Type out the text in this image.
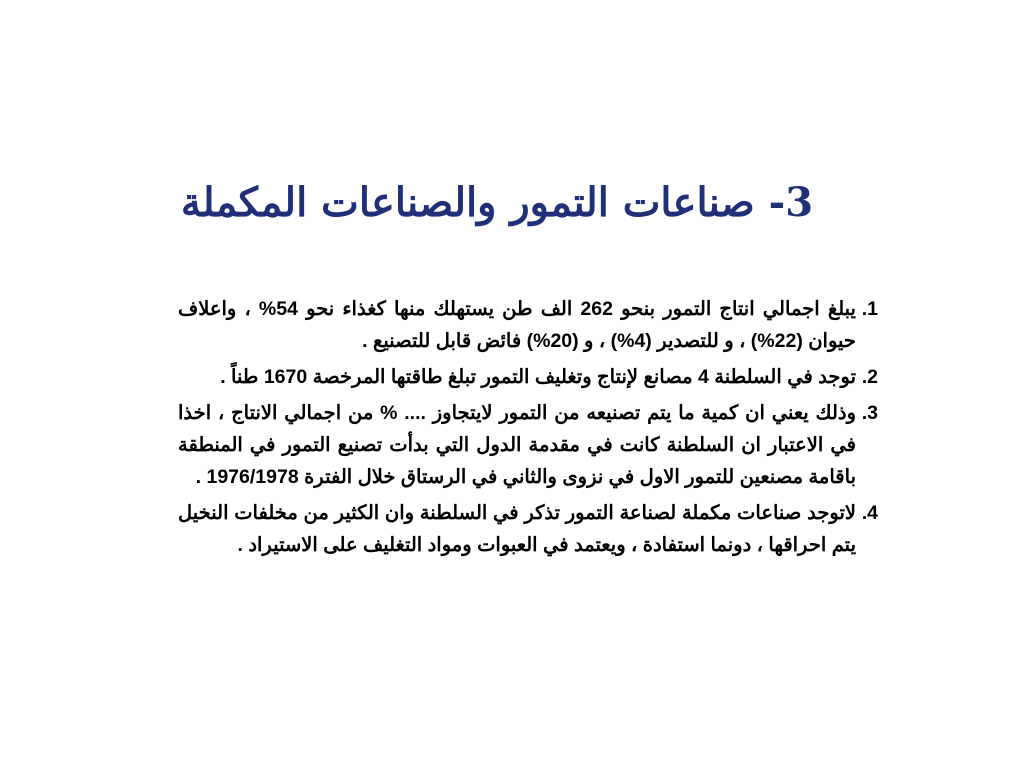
3- صناعات التمور والصناعات المكملة
1.
يبلغ اجمالي انتاج التمور بنحو 262 الف طن يستهلك منها كغذاء نحو 54% ، واعلاف حيوان (22%) ، و للتصدير (4%) ، و (20%) فائض قابل للتصنيع .
2.
توجد في السلطنة 4 مصانع لإنتاج وتغليف التمور تبلغ طاقتها المرخصة 1670 طناً .
3.
وذلك يعني ان كمية ما يتم تصنيعه من التمور لايتجاوز .... % من اجمالي الانتاج ، اخذا في الاعتبار ان السلطنة كانت في مقدمة الدول التي بدأت تصنيع التمور في المنطقة باقامة مصنعين للتمور الاول في نزوى والثاني في الرستاق خلال الفترة 1976/1978 .
4.
لاتوجد صناعات مكملة لصناعة التمور تذكر في السلطنة وان الكثير من مخلفات النخيل يتم احراقها ، دونما استفادة ، ويعتمد في العبوات ومواد التغليف على الاستيراد .
